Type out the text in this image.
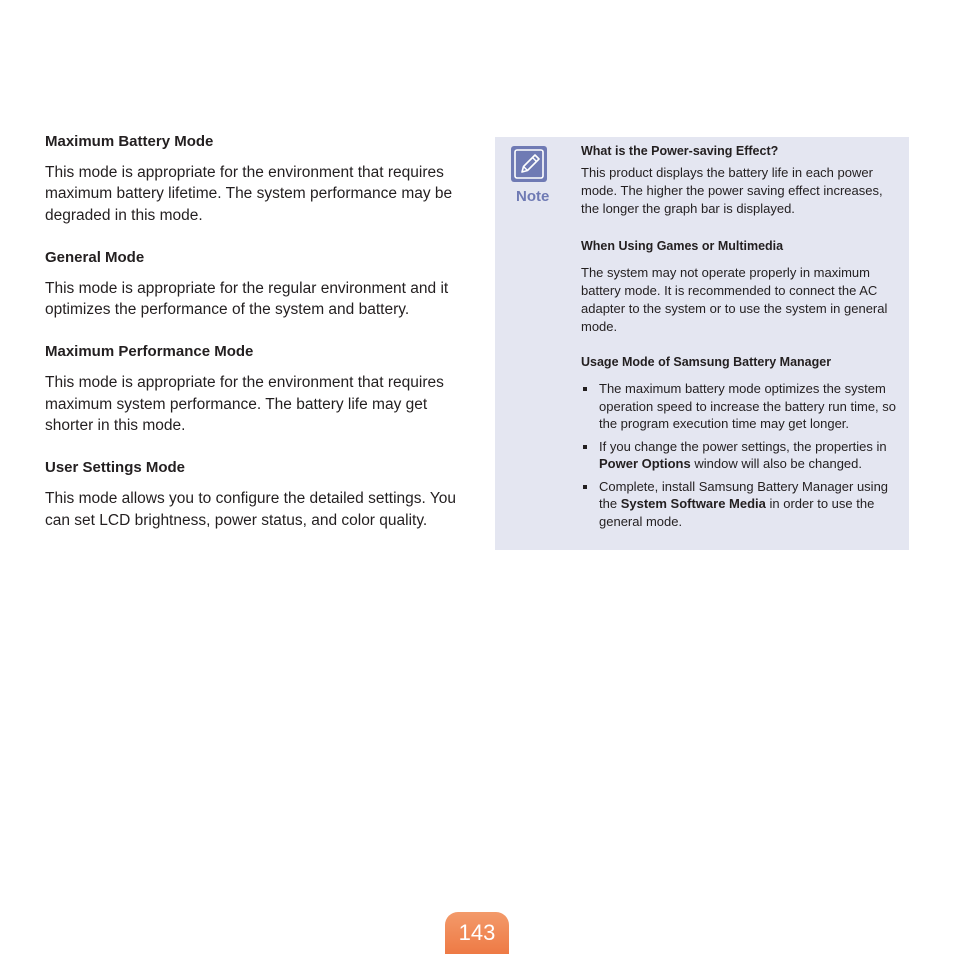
Maximum Battery Mode

This mode is appropriate for the environment that requires maximum battery lifetime. The system performance may be degraded in this mode.

General Mode

This mode is appropriate for the regular environment and it optimizes the performance of the system and battery.

Maximum Performance Mode

This mode is appropriate for the environment that requires maximum system performance. The battery life may get shorter in this mode.

User Settings Mode

This mode allows you to configure the detailed settings. You can set LCD brightness, power status, and color quality.

Note
What is the Power-saving Effect?

This product displays the battery life in each power mode. The higher the power saving effect increases, the longer the graph bar is displayed.

When Using Games or Multimedia

The system may not operate properly in maximum battery mode. It is recommended to connect the AC adapter to the system or to use the system in general mode.

Usage Mode of Samsung Battery Manager
The maximum battery mode optimizes the system operation speed to increase the battery run time, so the program execution time may get longer.
If you change the power settings, the properties in Power Options window will also be changed.
Complete, install Samsung Battery Manager using the System Software Media in order to use the general mode.
143
